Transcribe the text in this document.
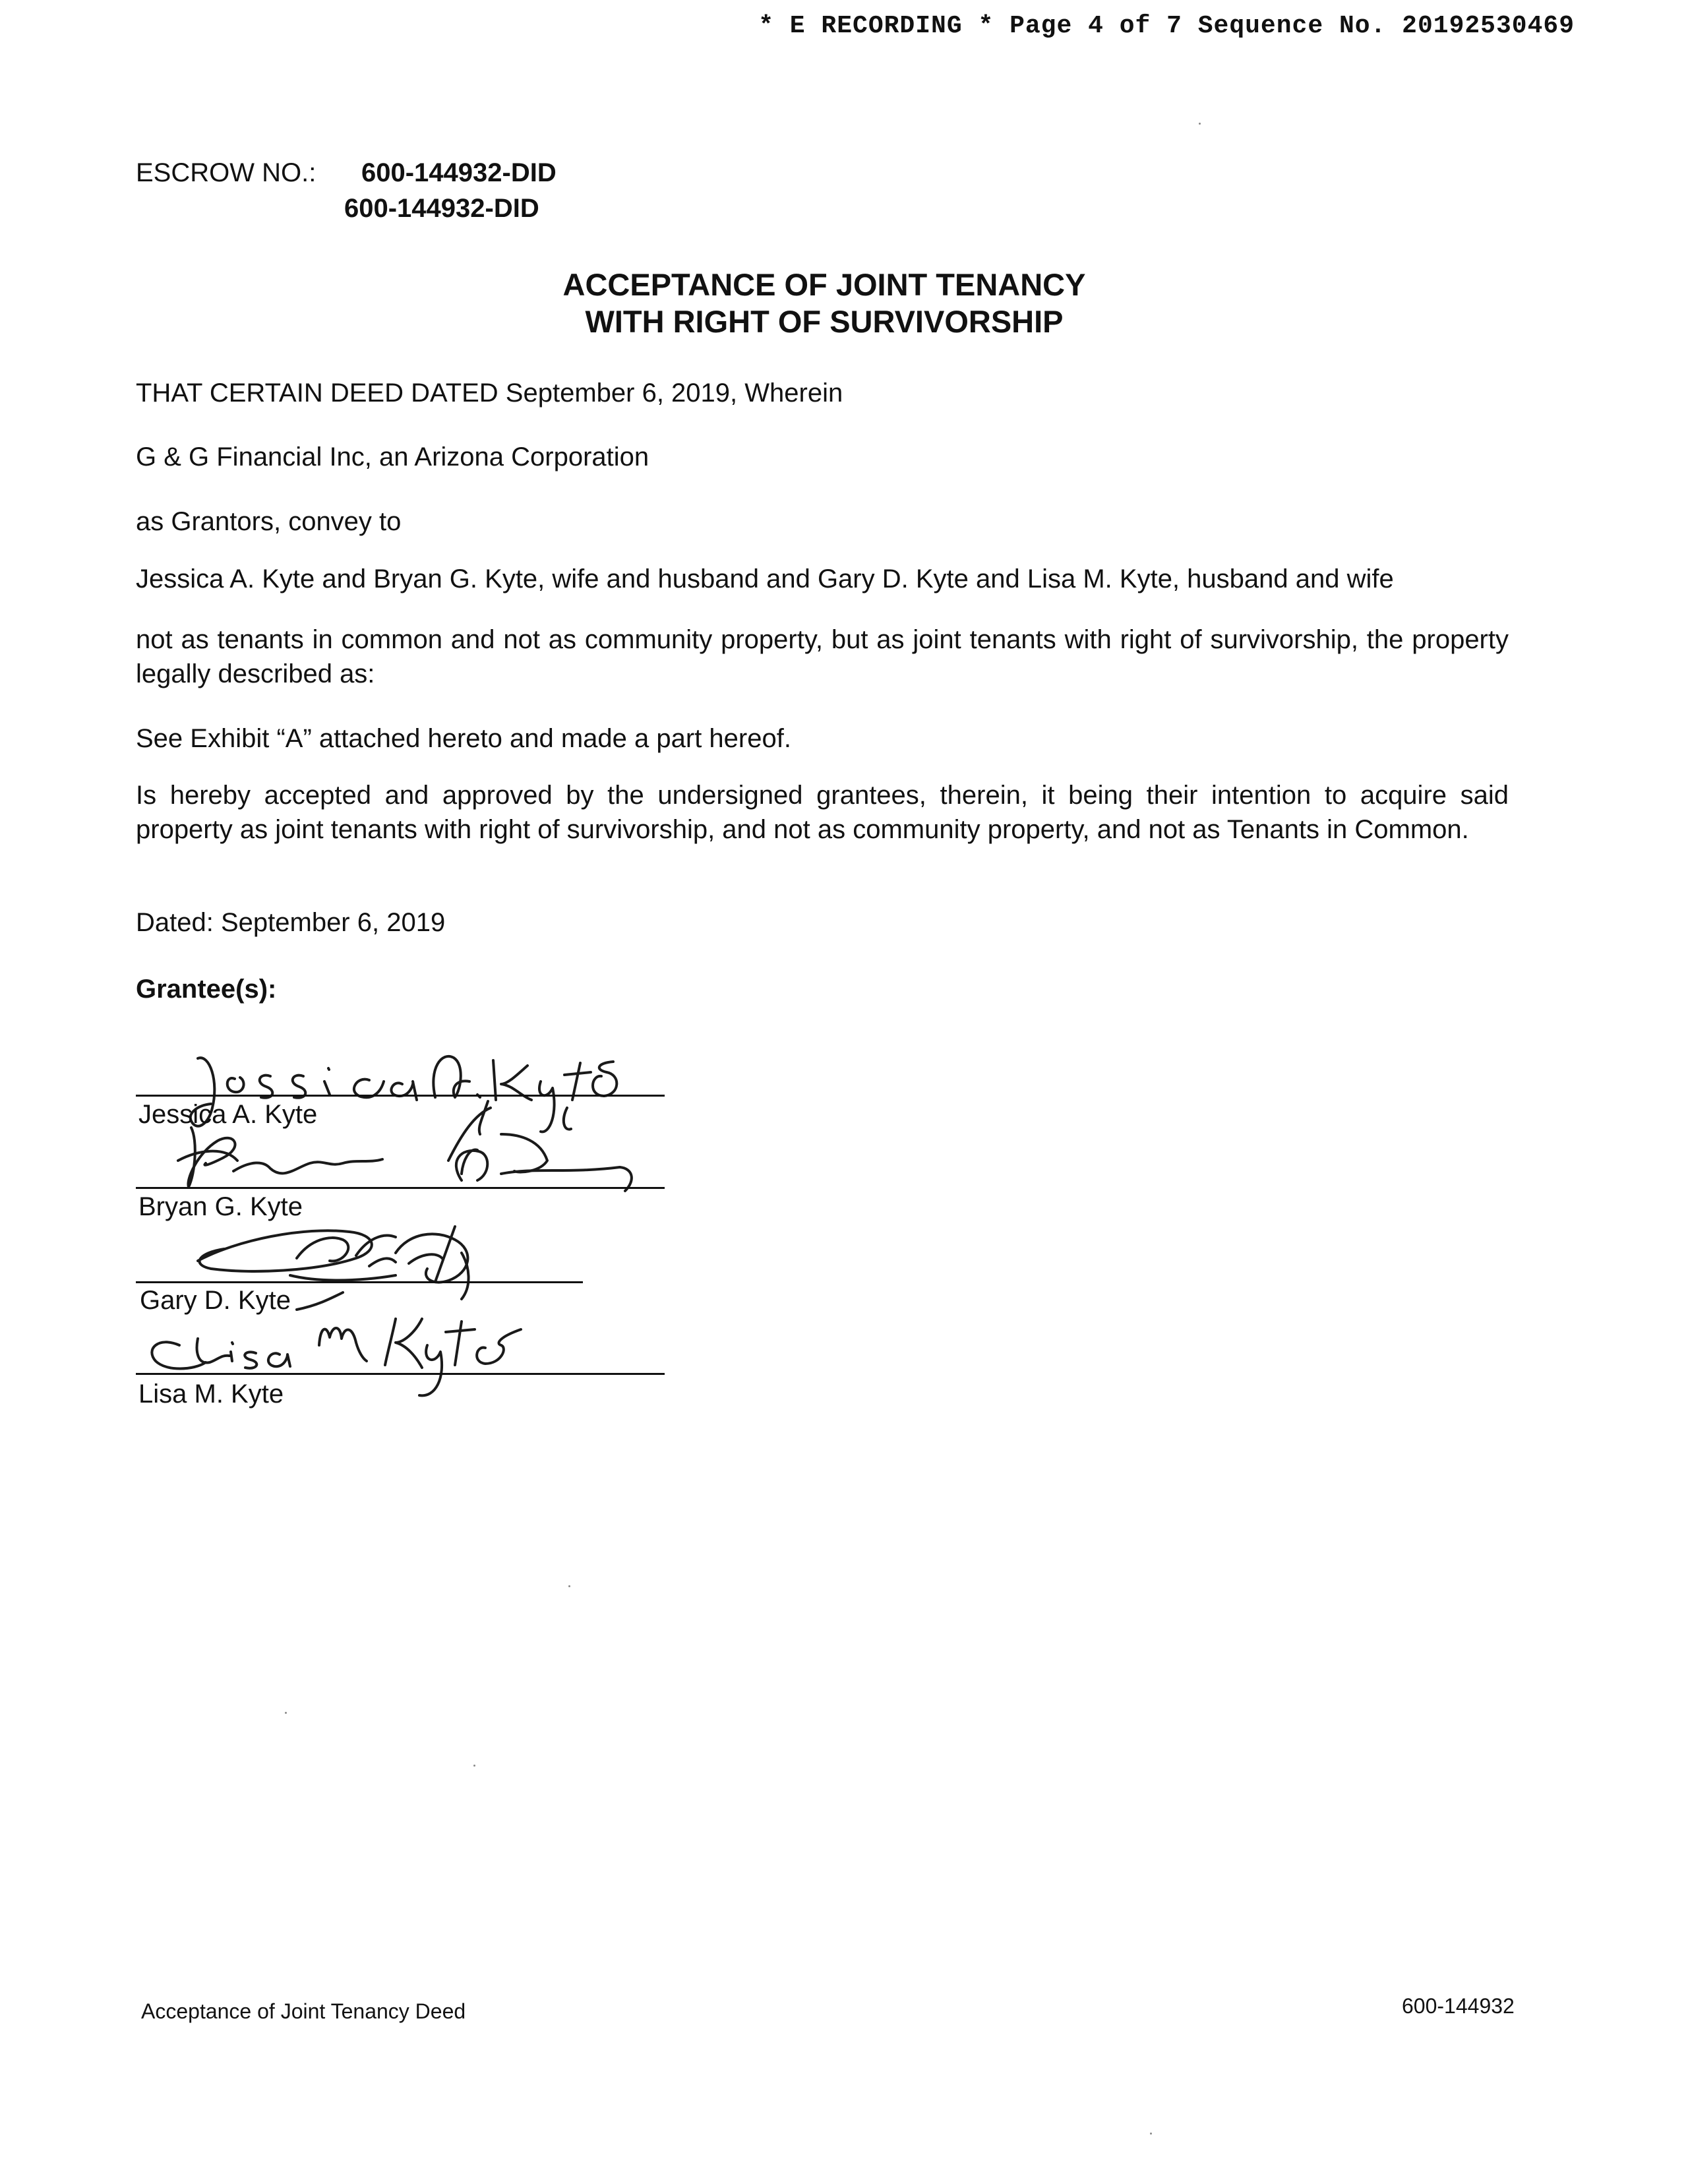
* E RECORDING * Page 4 of 7 Sequence No. 20192530469
ESCROW NO.: 600-144932-DID
600-144932-DID
ACCEPTANCE OF JOINT TENANCY
WITH RIGHT OF SURVIVORSHIP
THAT CERTAIN DEED DATED September 6, 2019, Wherein
G & G Financial Inc, an Arizona Corporation
as Grantors, convey to
Jessica A. Kyte and Bryan G. Kyte, wife and husband and Gary D. Kyte and Lisa M. Kyte, husband and wife
not as tenants in common and not as community property, but as joint tenants with right of survivorship, the property legally described as:
See Exhibit “A” attached hereto and made a part hereof.
Is hereby accepted and approved by the undersigned grantees, therein, it being their intention to acquire said property as joint tenants with right of survivorship, and not as community property, and not as Tenants in Common.
Dated: September 6, 2019
Grantee(s):
Jessica A. Kyte
Bryan G. Kyte
Gary D. Kyte
Lisa M. Kyte
Acceptance of Joint Tenancy Deed	600-144932
